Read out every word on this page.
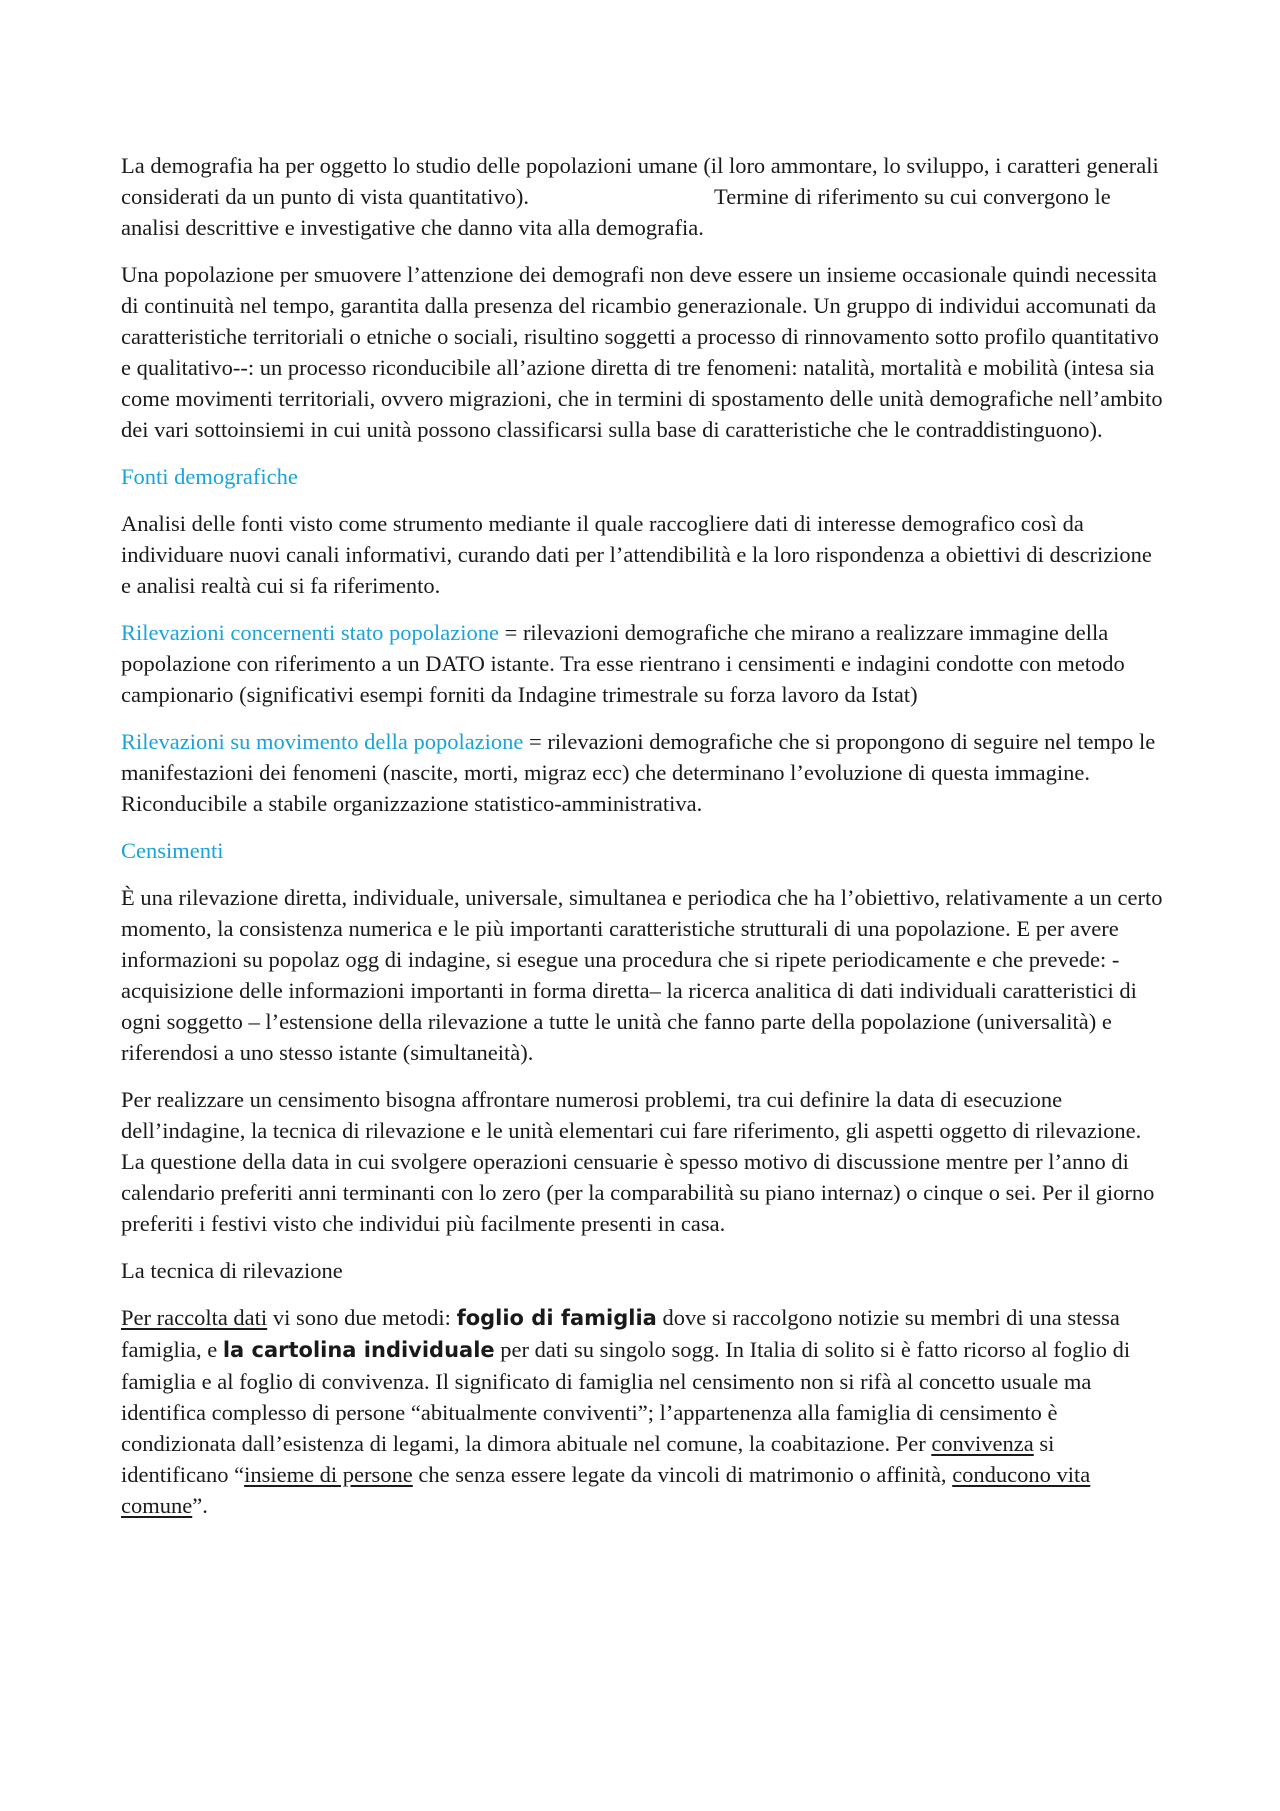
La demografia ha per oggetto lo studio delle popolazioni umane (il loro ammontare, lo sviluppo, i caratteri generali considerati da un punto di vista quantitativo).	Termine di riferimento su cui convergono le analisi descrittive e investigative che danno vita alla demografia.

Una popolazione per smuovere l’attenzione dei demografi non deve essere un insieme occasionale quindi necessita di continuità nel tempo, garantita dalla presenza del ricambio generazionale. Un gruppo di individui accomunati da caratteristiche territoriali o etniche o sociali, risultino soggetti a processo di rinnovamento sotto profilo quantitativo e qualitativo--: un processo riconducibile all’azione diretta di tre fenomeni: natalità, mortalità e mobilità (intesa sia come movimenti territoriali, ovvero migrazioni, che in termini di spostamento delle unità demografiche nell’ambito dei vari sottoinsiemi in cui unità possono classificarsi sulla base di caratteristiche che le contraddistinguono).

Fonti demografiche

Analisi delle fonti visto come strumento mediante il quale raccogliere dati di interesse demografico così da individuare nuovi canali informativi, curando dati per l’attendibilità e la loro rispondenza a obiettivi di descrizione e analisi realtà cui si fa riferimento.

Rilevazioni concernenti stato popolazione = rilevazioni demografiche che mirano a realizzare immagine della popolazione con riferimento a un DATO istante. Tra esse rientrano i censimenti e indagini condotte con metodo campionario (significativi esempi forniti da Indagine trimestrale su forza lavoro da Istat)

Rilevazioni su movimento della popolazione = rilevazioni demografiche che si propongono di seguire nel tempo le manifestazioni dei fenomeni (nascite, morti, migraz ecc) che determinano l’evoluzione di questa immagine. Riconducibile a stabile organizzazione statistico-amministrativa.

Censimenti

È una rilevazione diretta, individuale, universale, simultanea e periodica che ha l’obiettivo, relativamente a un certo momento, la consistenza numerica e le più importanti caratteristiche strutturali di una popolazione. E per avere informazioni su popolaz ogg di indagine, si esegue una procedura che si ripete periodicamente e che prevede: - acquisizione delle informazioni importanti in forma diretta– la ricerca analitica di dati individuali caratteristici di ogni soggetto – l’estensione della rilevazione a tutte le unità che fanno parte della popolazione (universalità) e riferendosi a uno stesso istante (simultaneità).

Per realizzare un censimento bisogna affrontare numerosi problemi, tra cui definire la data di esecuzione dell’indagine, la tecnica di rilevazione e le unità elementari cui fare riferimento, gli aspetti oggetto di rilevazione. La questione della data in cui svolgere operazioni censuarie è spesso motivo di discussione mentre per l’anno di calendario preferiti anni terminanti con lo zero (per la comparabilità su piano internaz) o cinque o sei. Per il giorno preferiti i festivi visto che individui più facilmente presenti in casa.

La tecnica di rilevazione

Per raccolta dati vi sono due metodi: foglio di famiglia dove si raccolgono notizie su membri di una stessa famiglia, e la cartolina individuale per dati su singolo sogg. In Italia di solito si è fatto ricorso al foglio di famiglia e al foglio di convivenza. Il significato di famiglia nel censimento non si rifà al concetto usuale ma identifica complesso di persone “abitualmente conviventi”; l’appartenenza alla famiglia di censimento è condizionata dall’esistenza di legami, la dimora abituale nel comune, la coabitazione. Per convivenza si identificano “insieme di persone che senza essere legate da vincoli di matrimonio o affinità, conducono vita comune”.
